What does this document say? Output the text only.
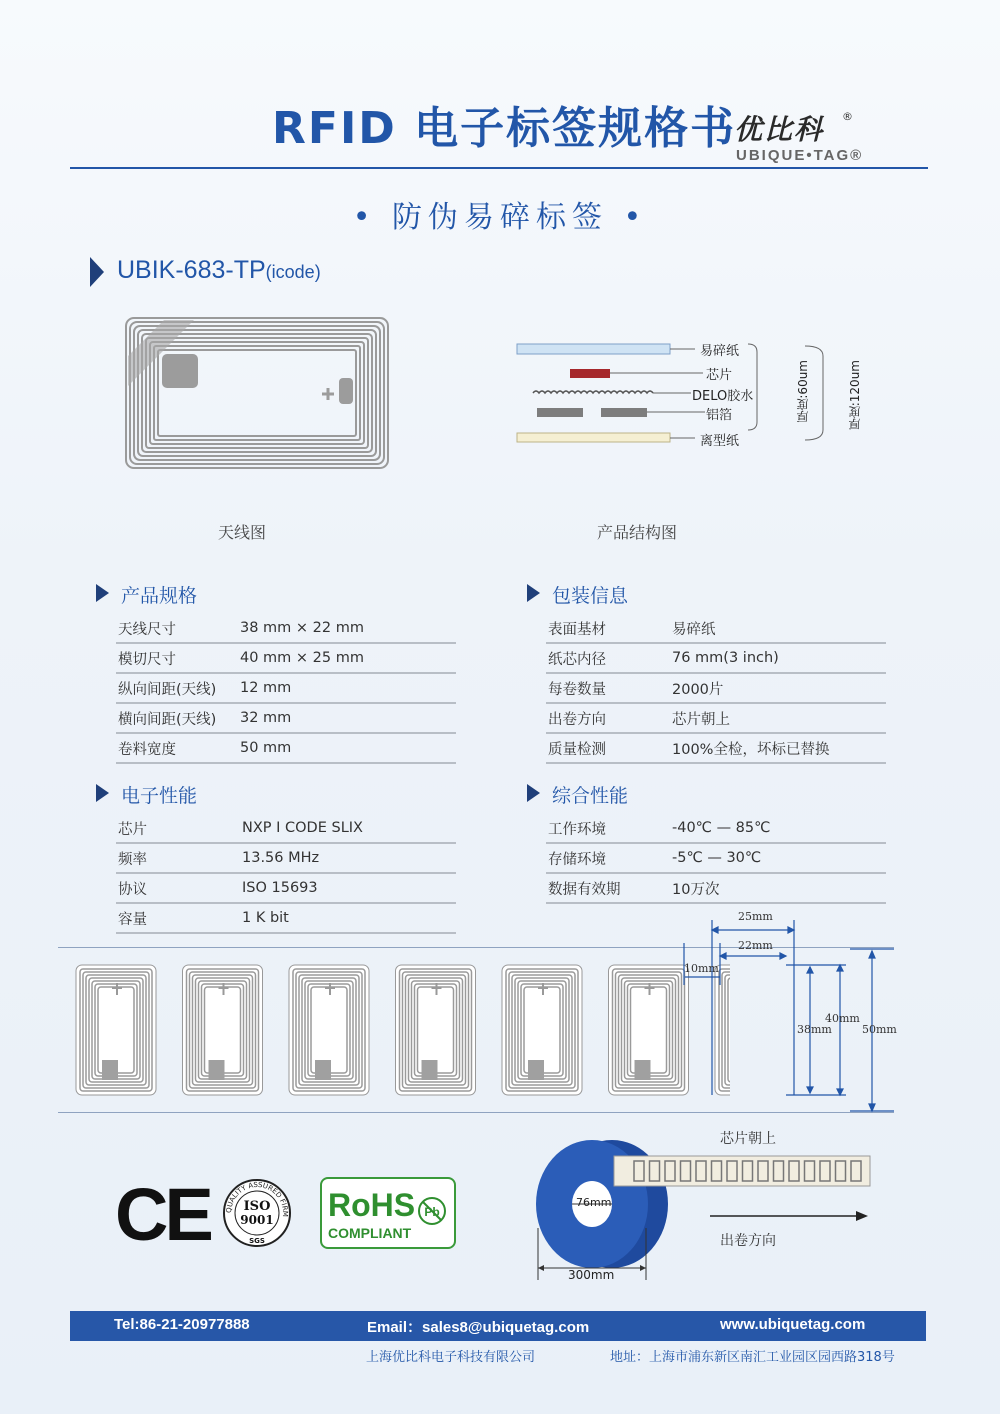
RFID 电子标签规格书
优比科 ®
UBIQUE•TAG®
• 防伪易碎标签 •
UBIK-683-TP(icode)
天线图
易碎纸
芯片
DELO胶水
铝箔
离型纸
厚度:60um	厚度:120um
产品结构图
产品规格
天线尺寸	38 mm × 22 mm
模切尺寸	40 mm × 25 mm
纵向间距(天线)	12 mm
横向间距(天线)	32 mm
卷料宽度	50 mm
包装信息
表面基材	易碎纸
纸芯内径	76 mm(3 inch)
每卷数量	2000片
出卷方向	芯片朝上
质量检测	100%全检，坏标已替换
电子性能
芯片	NXP I CODE SLIX
频率	13.56 MHz
协议	ISO 15693
容量	1 K bit
综合性能
工作环境	-40℃ — 85℃
存储环境	-5℃ — 30℃
数据有效期	10万次
25mm
22mm
10mm
40mm
38mm	50mm
CE QUALITY ASSURED FIRM
ISO
9001
SGS
RoHS
COMPLIANT
Pb
芯片朝上
76mm
300mm
出卷方向
Tel:86-21-20977888	Email：sales8@ubiquetag.com	www.ubiquetag.com
上海优比科电子科技有限公司	地址：上海市浦东新区南汇工业园区园西路318号
